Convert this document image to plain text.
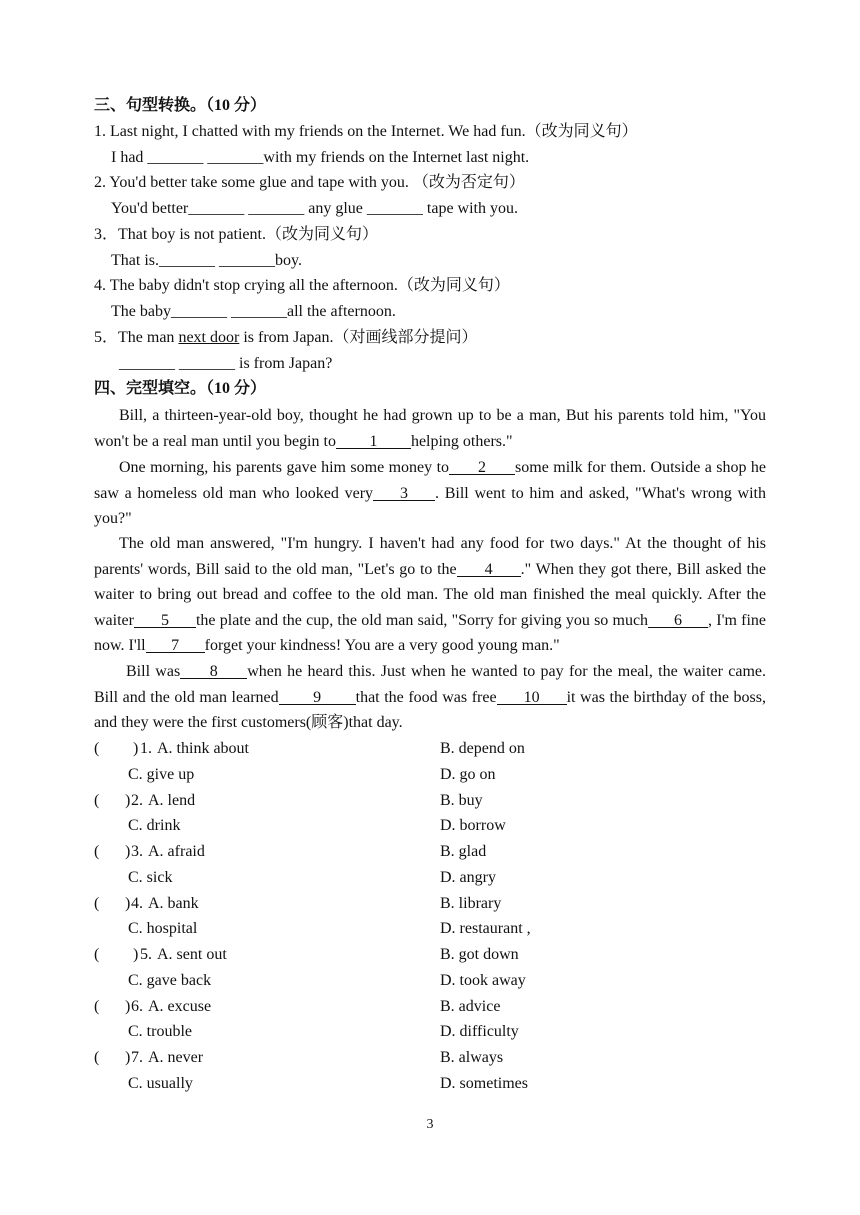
三、句型转换。（10 分）
1. Last night, I chatted with my friends on the Internet. We had fun.（改为同义句）
I had _______ _______with my friends on the Internet last night.
2. You'd better take some glue and tape with you. （改为否定句）
You'd better_______ _______ any glue _______ tape with you.
3．That boy is not patient.（改为同义句）
That is._______ _______boy.
4. The baby didn't stop crying all the afternoon.（改为同义句）
The baby_______ _______all the afternoon.
5．The man next door is from Japan.（对画线部分提问）
_______ _______ is from Japan?
四、完型填空。（10 分）
Bill, a thirteen-year-old boy, thought he had grown up to be a man, But his parents told him, "You won't be a real man until you begin to 1 helping others."
One morning, his parents gave him some money to 2 some milk for them. Outside a shop he saw a homeless old man who looked very 3 . Bill went to him and asked, "What's wrong with you?"
The old man answered, "I'm hungry. I haven't had any food for two days." At the thought of his parents' words, Bill said to the old man, "Let's go to the 4 ." When they got there, Bill asked the waiter to bring out bread and coffee to the old man. The old man finished the meal quickly. After the waiter 5 the plate and the cup, the old man said, "Sorry for giving you so much 6 , I'm fine now. I'll 7 forget your kindness! You are a very good young man."
Bill was 8 when he heard this. Just when he wanted to pay for the meal, the waiter came. Bill and the old man learned 9 that the food was free 10 it was the birthday of the boss, and they were the first customers(顾客)that day.
( ) 1. A. think about	B. depend on
C. give up	D. go on
( ) 2. A. lend	B. buy
C. drink	D. borrow
( ) 3. A. afraid	B. glad
C. sick	D. angry
( ) 4. A. bank	B. library
C. hospital	D. restaurant ,
( ) 5. A. sent out	B. got down
C. gave back	D. took away
( ) 6. A. excuse	B. advice
C. trouble	D. difficulty
( ) 7. A. never	B. always
C. usually	D. sometimes
3
